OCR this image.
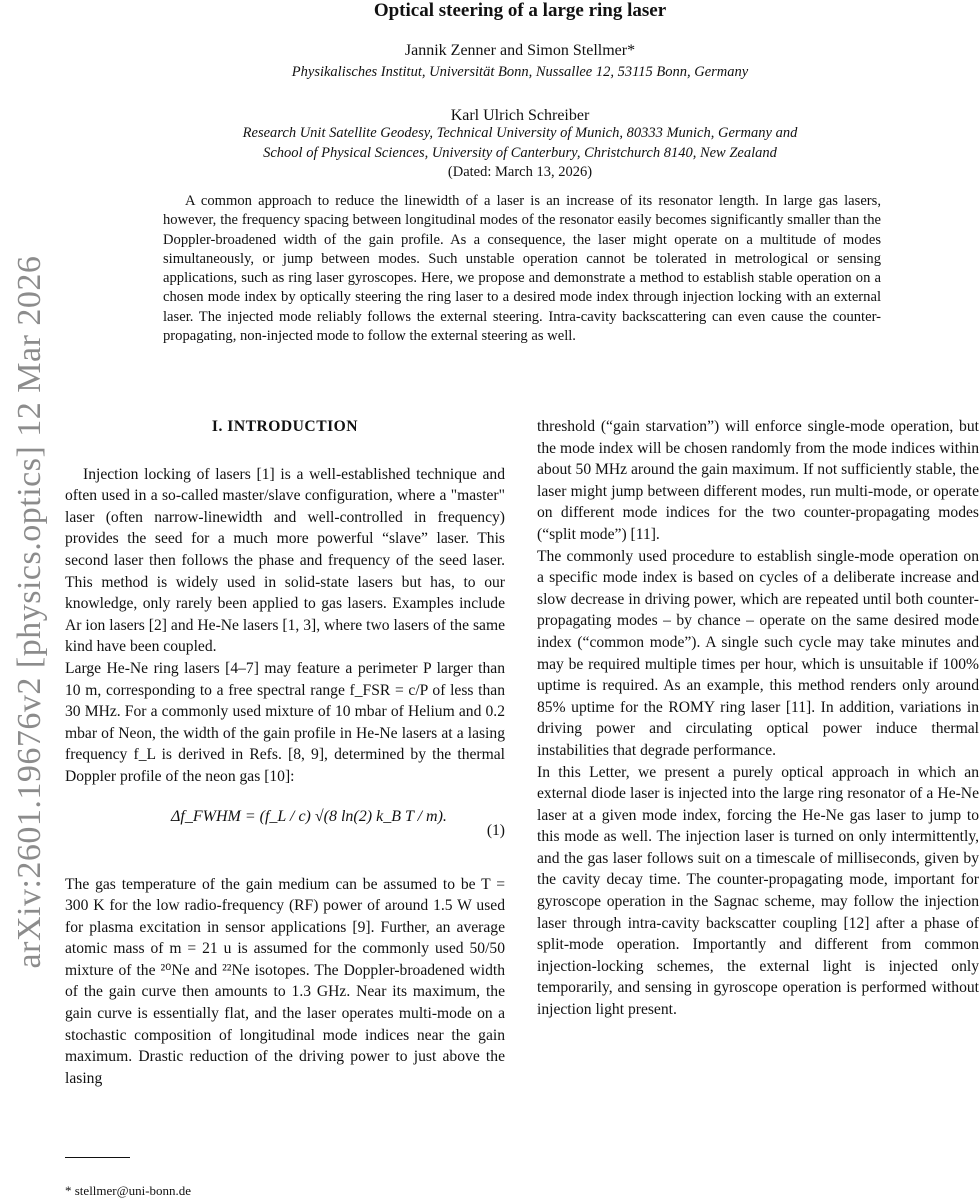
arXiv:2601.19676v2 [physics.optics] 12 Mar 2026
Optical steering of a large ring laser
Jannik Zenner and Simon Stellmer*
Physikalisches Institut, Universität Bonn, Nussallee 12, 53115 Bonn, Germany
Karl Ulrich Schreiber
Research Unit Satellite Geodesy, Technical University of Munich, 80333 Munich, Germany and
School of Physical Sciences, University of Canterbury, Christchurch 8140, New Zealand
(Dated: March 13, 2026)

A common approach to reduce the linewidth of a laser is an increase of its resonator length. In large gas lasers, however, the frequency spacing between longitudinal modes of the resonator easily becomes significantly smaller than the Doppler-broadened width of the gain profile. As a consequence, the laser might operate on a multitude of modes simultaneously, or jump between modes. Such unstable operation cannot be tolerated in metrological or sensing applications, such as ring laser gyroscopes. Here, we propose and demonstrate a method to establish stable operation on a chosen mode index by optically steering the ring laser to a desired mode index through injection locking with an external laser. The injected mode reliably follows the external steering. Intra-cavity backscattering can even cause the counter-propagating, non-injected mode to follow the external steering as well.

I. INTRODUCTION

Injection locking of lasers [1] is a well-established technique and often used in a so-called master/slave configuration, where a "master" laser (often narrow-linewidth and well-controlled in frequency) provides the seed for a much more powerful “slave” laser. This second laser then follows the phase and frequency of the seed laser. This method is widely used in solid-state lasers but has, to our knowledge, only rarely been applied to gas lasers. Examples include Ar ion lasers [2] and He-Ne lasers [1, 3], where two lasers of the same kind have been coupled.

Large He-Ne ring lasers [4–7] may feature a perimeter P larger than 10 m, corresponding to a free spectral range f_FSR = c/P of less than 30 MHz. For a commonly used mixture of 10 mbar of Helium and 0.2 mbar of Neon, the width of the gain profile in He-Ne lasers at a lasing frequency f_L is derived in Refs. [8, 9], determined by the thermal Doppler profile of the neon gas [10]:

Δf_FWHM = (f_L / c) √(8 ln(2) k_B T / m).
(1)

The gas temperature of the gain medium can be assumed to be T = 300 K for the low radio-frequency (RF) power of around 1.5 W used for plasma excitation in sensor applications [9]. Further, an average atomic mass of m = 21 u is assumed for the commonly used 50/50 mixture of the ²⁰Ne and ²²Ne isotopes. The Doppler-broadened width of the gain curve then amounts to 1.3 GHz. Near its maximum, the gain curve is essentially flat, and the laser operates multi-mode on a stochastic composition of longitudinal mode indices near the gain maximum. Drastic reduction of the driving power to just above the lasing

threshold (“gain starvation”) will enforce single-mode operation, but the mode index will be chosen randomly from the mode indices within about 50 MHz around the gain maximum. If not sufficiently stable, the laser might jump between different modes, run multi-mode, or operate on different mode indices for the two counter-propagating modes (“split mode”) [11].

The commonly used procedure to establish single-mode operation on a specific mode index is based on cycles of a deliberate increase and slow decrease in driving power, which are repeated until both counter-propagating modes – by chance – operate on the same desired mode index (“common mode”). A single such cycle may take minutes and may be required multiple times per hour, which is unsuitable if 100% uptime is required. As an example, this method renders only around 85% uptime for the ROMY ring laser [11]. In addition, variations in driving power and circulating optical power induce thermal instabilities that degrade performance.

In this Letter, we present a purely optical approach in which an external diode laser is injected into the large ring resonator of a He-Ne laser at a given mode index, forcing the He-Ne gas laser to jump to this mode as well. The injection laser is turned on only intermittently, and the gas laser follows suit on a timescale of milliseconds, given by the cavity decay time. The counter-propagating mode, important for gyroscope operation in the Sagnac scheme, may follow the injection laser through intra-cavity backscatter coupling [12] after a phase of split-mode operation. Importantly and different from common injection-locking schemes, the external light is injected only temporarily, and sensing in gyroscope operation is performed without injection light present.

* stellmer@uni-bonn.de
